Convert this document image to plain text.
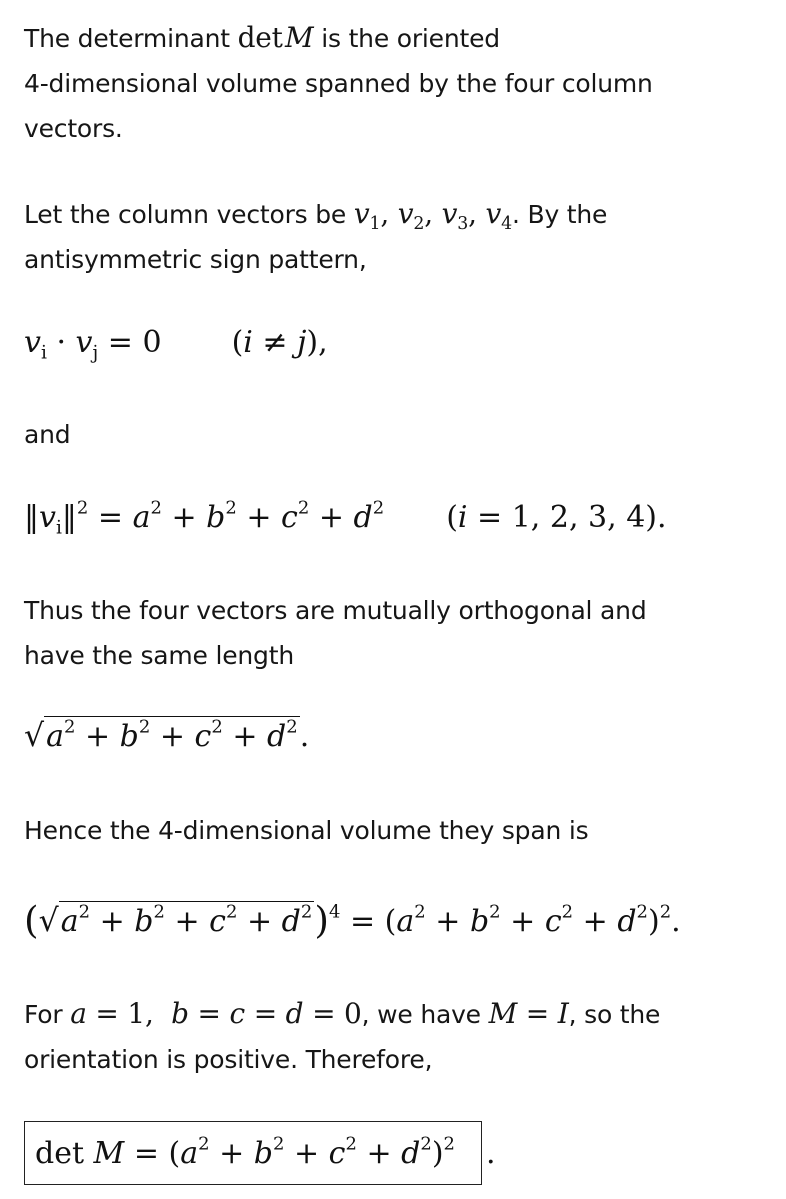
The determinant det M is the oriented
4-dimensional volume spanned by the four column
vectors.
Let the column vectors be $v_1$, $v_2$, $v_3$, $v_4$. By the
antisymmetric sign pattern,
$v_i \cdot v_j = 0$ (i ≠ j),
and
$‖v_i‖^2 = a^2 + b^2 + c^2 + d^2$ (i = 1, 2, 3, 4).
Thus the four vectors are mutually orthogonal and
have the same length
$√a^2 + b^2 + c^2 + d^2$.
Hence the 4-dimensional volume they span is
$(√a^2 + b^2 + c^2 + d^2)^4 = (a^2 + b^2 + c^2 + d^2)^2$.
For a = 1,  b = c = d = 0, we have M = I, so the
orientation is positive. Therefore,
$\det M = (a^2 + b^2 + c^2 + d^2)^2$	.
